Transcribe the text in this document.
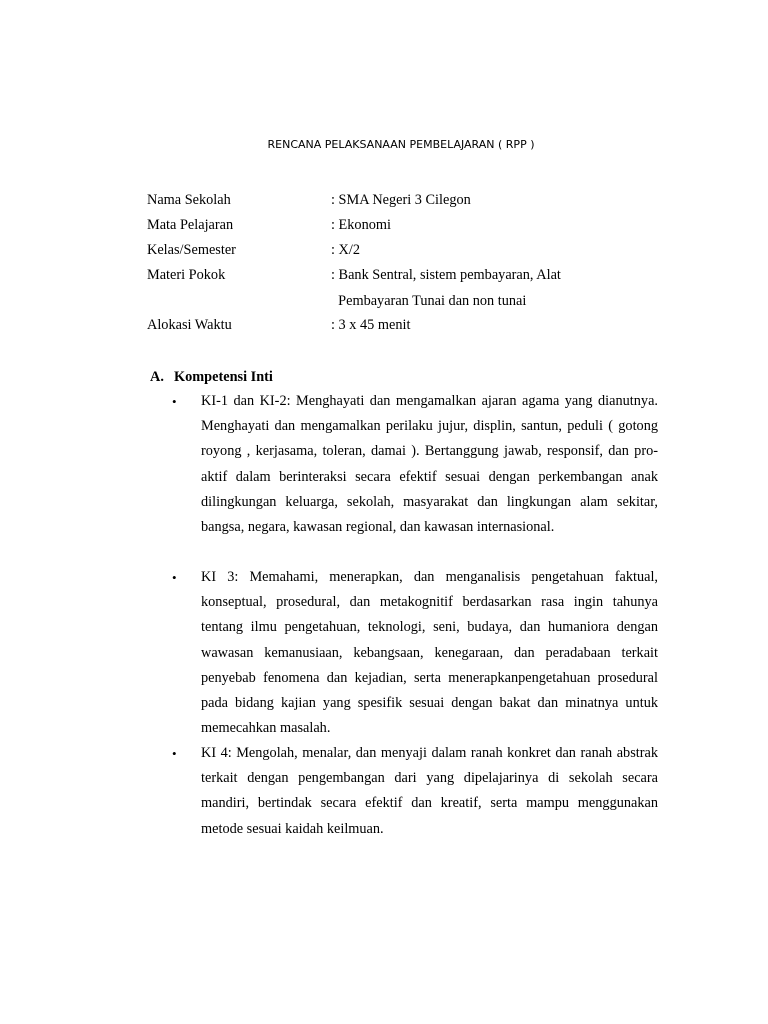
RENCANA PELAKSANAAN PEMBELAJARAN ( RPP )
Nama Sekolah	: SMA Negeri 3 Cilegon
Mata Pelajaran	: Ekonomi
Kelas/Semester	: X/2
Materi Pokok	: Bank Sentral, sistem pembayaran, Alat
Pembayaran Tunai dan non tunai
Alokasi Waktu	: 3 x 45 menit
A. Kompetensi Inti
•	KI-1 dan KI-2: Menghayati dan mengamalkan ajaran agama yang dianutnya. Menghayati dan mengamalkan perilaku jujur, displin, santun, peduli ( gotong royong , kerjasama, toleran, damai ). Bertanggung jawab, responsif, dan pro- aktif dalam berinteraksi secara efektif sesuai dengan perkembangan anak dilingkungan keluarga, sekolah, masyarakat dan lingkungan alam sekitar, bangsa, negara, kawasan regional, dan kawasan internasional.
•	KI 3: Memahami, menerapkan, dan menganalisis pengetahuan faktual, konseptual, prosedural, dan metakognitif berdasarkan rasa ingin tahunya tentang ilmu pengetahuan, teknologi, seni, budaya, dan humaniora dengan wawasan kemanusiaan, kebangsaan, kenegaraan, dan peradabaan terkait penyebab fenomena dan kejadian, serta menerapkanpengetahuan prosedural pada bidang kajian yang spesifik sesuai dengan bakat dan minatnya untuk memecahkan masalah.
•	KI 4: Mengolah, menalar, dan menyaji dalam ranah konkret dan ranah abstrak terkait dengan pengembangan dari yang dipelajarinya di sekolah secara mandiri, bertindak secara efektif dan kreatif, serta mampu menggunakan metode sesuai kaidah keilmuan.
